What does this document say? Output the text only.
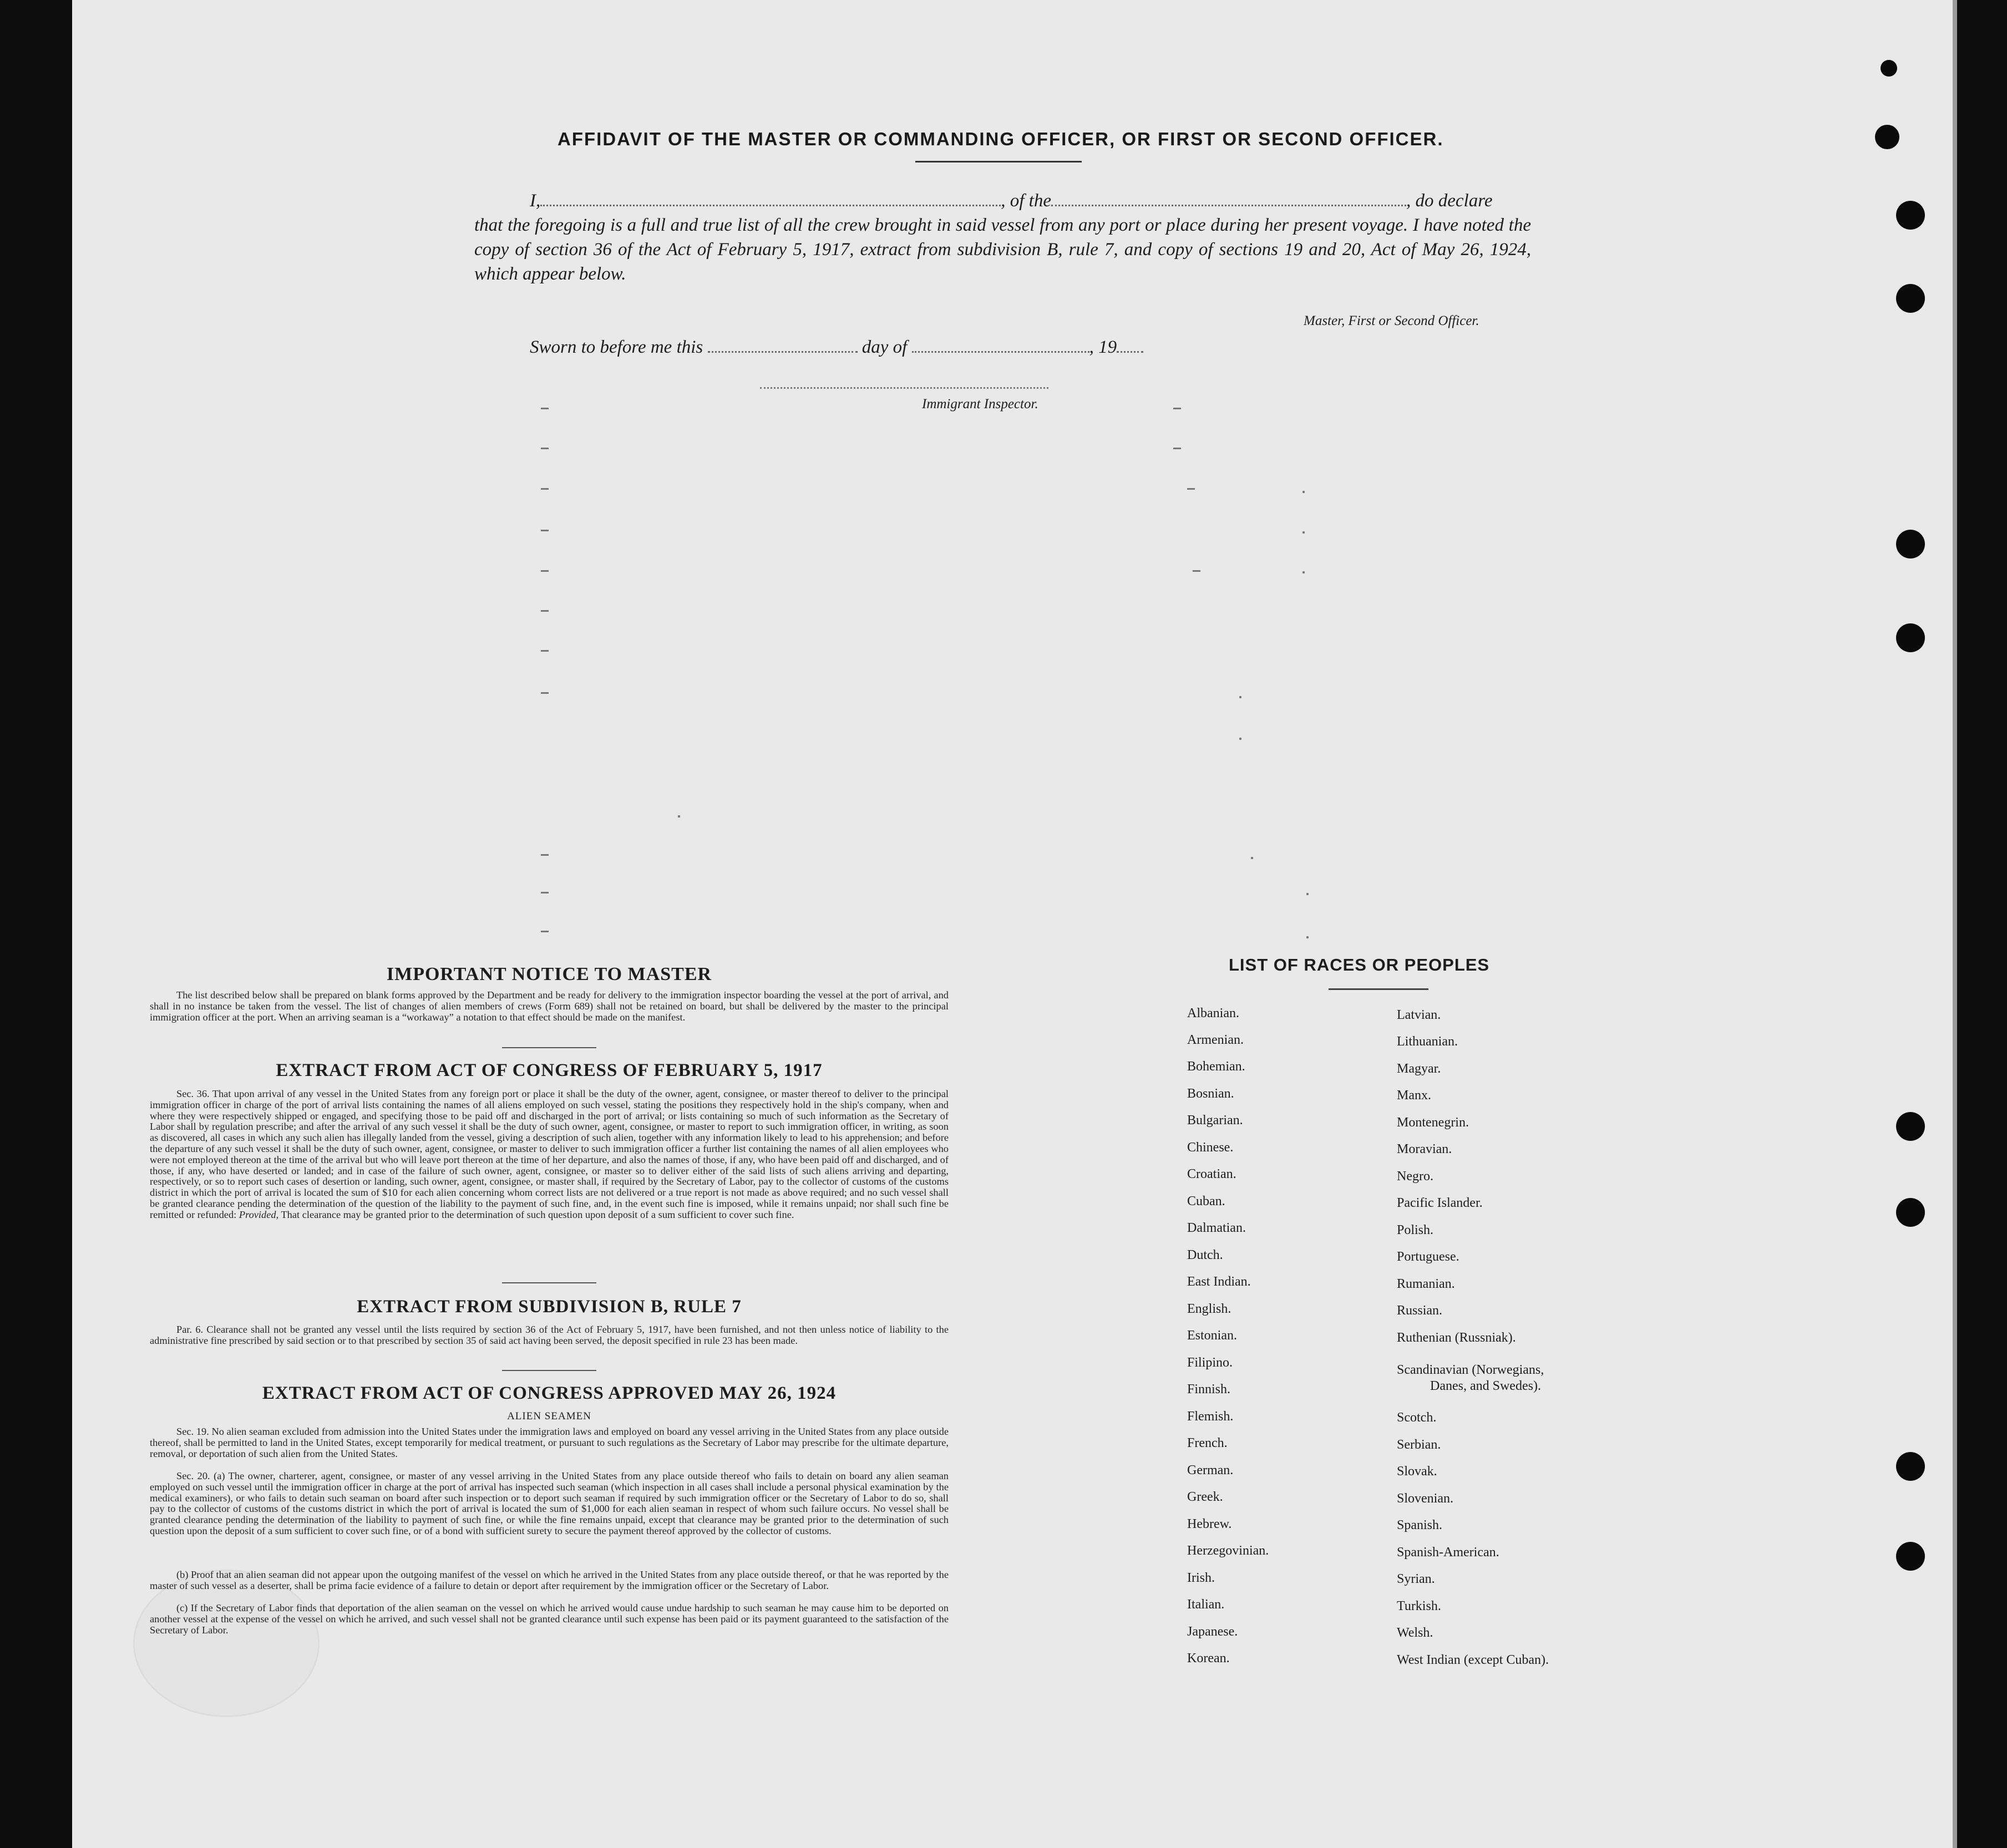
AFFIDAVIT OF THE MASTER OR COMMANDING OFFICER, OR FIRST OR SECOND OFFICER.
I,	, of the	, do declare
that the foregoing is a full and true list of all the crew brought in said vessel from any port or place during her present voyage. I have noted the copy of section 36 of the Act of February 5, 1917, extract from subdivision B, rule 7, and copy of sections 19 and 20, Act of May 26, 1924, which appear below.
Master, First or Second Officer.
Sworn to before me this	day of	, 19
Immigrant Inspector.
IMPORTANT NOTICE TO MASTER
The list described below shall be prepared on blank forms approved by the Department and be ready for delivery to the immigration inspector boarding the vessel at the port of arrival, and shall in no instance be taken from the vessel. The list of changes of alien members of crews (Form 689) shall not be retained on board, but shall be delivered by the master to the principal immigration officer at the port. When an arriving seaman is a “workaway” a notation to that effect should be made on the manifest.
EXTRACT FROM ACT OF CONGRESS OF FEBRUARY 5, 1917
Sec. 36. That upon arrival of any vessel in the United States from any foreign port or place it shall be the duty of the owner, agent, consignee, or master thereof to deliver to the principal immigration officer in charge of the port of arrival lists containing the names of all aliens employed on such vessel, stating the positions they respectively hold in the ship's company, when and where they were respectively shipped or engaged, and specifying those to be paid off and discharged in the port of arrival; or lists containing so much of such information as the Secretary of Labor shall by regulation prescribe; and after the arrival of any such vessel it shall be the duty of such owner, agent, consignee, or master to report to such immigration officer, in writing, as soon as discovered, all cases in which any such alien has illegally landed from the vessel, giving a description of such alien, together with any information likely to lead to his apprehension; and before the departure of any such vessel it shall be the duty of such owner, agent, consignee, or master to deliver to such immigration officer a further list containing the names of all alien employees who were not employed thereon at the time of the arrival but who will leave port thereon at the time of her departure, and also the names of those, if any, who have been paid off and discharged, and of those, if any, who have deserted or landed; and in case of the failure of such owner, agent, consignee, or master so to deliver either of the said lists of such aliens arriving and departing, respectively, or so to report such cases of desertion or landing, such owner, agent, consignee, or master shall, if required by the Secretary of Labor, pay to the collector of customs of the customs district in which the port of arrival is located the sum of $10 for each alien concerning whom correct lists are not delivered or a true report is not made as above required; and no such vessel shall be granted clearance pending the determination of the question of the liability to the payment of such fine, and, in the event such fine is imposed, while it remains unpaid; nor shall such fine be remitted or refunded: Provided, That clearance may be granted prior to the determination of such question upon deposit of a sum sufficient to cover such fine.
EXTRACT FROM SUBDIVISION B, RULE 7
Par. 6. Clearance shall not be granted any vessel until the lists required by section 36 of the Act of February 5, 1917, have been furnished, and not then unless notice of liability to the administrative fine prescribed by said section or to that prescribed by section 35 of said act having been served, the deposit specified in rule 23 has been made.
EXTRACT FROM ACT OF CONGRESS APPROVED MAY 26, 1924
ALIEN SEAMEN
Sec. 19. No alien seaman excluded from admission into the United States under the immigration laws and employed on board any vessel arriving in the United States from any place outside thereof, shall be permitted to land in the United States, except temporarily for medical treatment, or pursuant to such regulations as the Secretary of Labor may prescribe for the ultimate departure, removal, or deportation of such alien from the United States.
Sec. 20. (a) The owner, charterer, agent, consignee, or master of any vessel arriving in the United States from any place outside thereof who fails to detain on board any alien seaman employed on such vessel until the immigration officer in charge at the port of arrival has inspected such seaman (which inspection in all cases shall include a personal physical examination by the medical examiners), or who fails to detain such seaman on board after such inspection or to deport such seaman if required by such immigration officer or the Secretary of Labor to do so, shall pay to the collector of customs of the customs district in which the port of arrival is located the sum of $1,000 for each alien seaman in respect of whom such failure occurs. No vessel shall be granted clearance pending the determination of the liability to payment of such fine, or while the fine remains unpaid, except that clearance may be granted prior to the determination of such question upon the deposit of a sum sufficient to cover such fine, or of a bond with sufficient surety to secure the payment thereof approved by the collector of customs.
(b) Proof that an alien seaman did not appear upon the outgoing manifest of the vessel on which he arrived in the United States from any place outside thereof, or that he was reported by the master of such vessel as a deserter, shall be prima facie evidence of a failure to detain or deport after requirement by the immigration officer or the Secretary of Labor.
(c) If the Secretary of Labor finds that deportation of the alien seaman on the vessel on which he arrived would cause undue hardship to such seaman he may cause him to be deported on another vessel at the expense of the vessel on which he arrived, and such vessel shall not be granted clearance until such expense has been paid or its payment guaranteed to the satisfaction of the Secretary of Labor.
LIST OF RACES OR PEOPLES
Albanian.
Armenian.
Bohemian.
Bosnian.
Bulgarian.
Chinese.
Croatian.
Cuban.
Dalmatian.
Dutch.
East Indian.
English.
Estonian.
Filipino.
Finnish.
Flemish.
French.
German.
Greek.
Hebrew.
Herzegovinian.
Irish.
Italian.
Japanese.
Korean.
Latvian.
Lithuanian.
Magyar.
Manx.
Montenegrin.
Moravian.
Negro.
Pacific Islander.
Polish.
Portuguese.
Rumanian.
Russian.
Ruthenian (Russniak).
Scandinavian (Norwegians,
Danes, and Swedes).
Scotch.
Serbian.
Slovak.
Slovenian.
Spanish.
Spanish-American.
Syrian.
Turkish.
Welsh.
West Indian (except Cuban).
